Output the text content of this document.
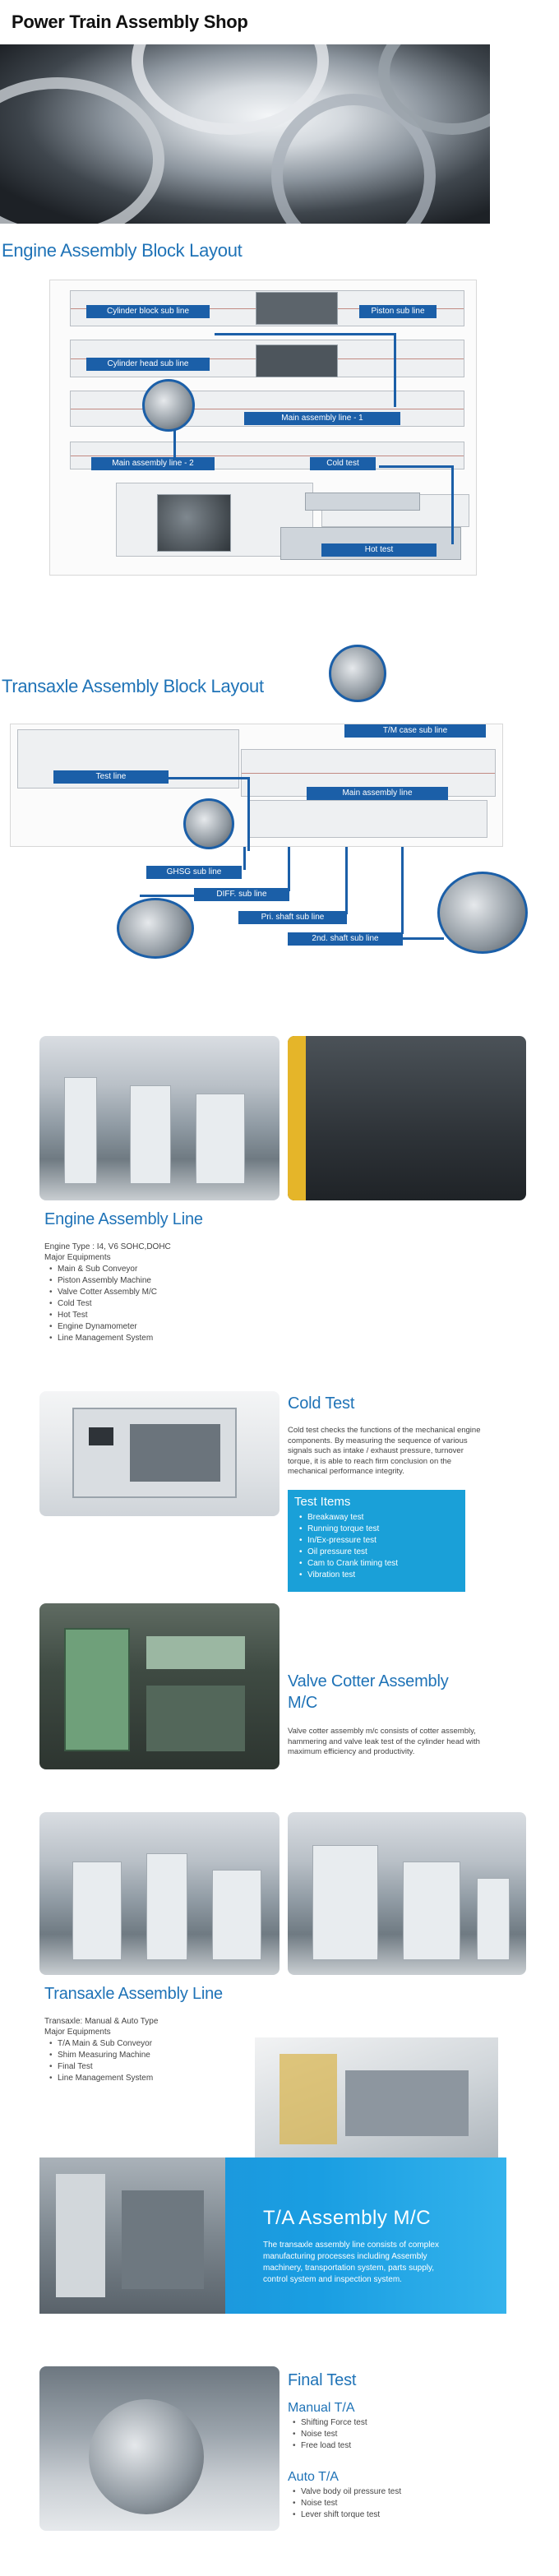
Power Train Assembly Shop
Engine Assembly Block Layout
Cylinder block sub line	Piston sub line
Cylinder head sub line
Main assembly line - 1
Main assembly line - 2	Cold test
Hot test
Transaxle Assembly Block Layout
T/M case sub line
Test line
Main assembly line
GHSG sub line
DIFF. sub line
Pri. shaft sub line
2nd. shaft sub line
Engine Assembly Line
Engine Type : I4, V6 SOHC,DOHC
Major Equipments
• Main & Sub Conveyor
• Piston Assembly Machine
• Valve Cotter Assembly M/C
• Cold Test
• Hot Test
• Engine Dynamometer
• Line Management System
Cold Test
Cold test checks the functions of the mechanical engine components. By measuring the sequence of various signals such as intake / exhaust pressure, turnover torque, it is able to reach firm conclusion on the mechanical performance integrity.
Test Items
• Breakaway test
• Running torque test
• In/Ex-pressure test
• Oil pressure test
• Cam to Crank timing test
• Vibration test
Valve Cotter Assembly
M/C
Valve cotter assembly m/c consists of cotter assembly, hammering and valve leak test of the cylinder head with maximum efficiency and productivity.
Transaxle Assembly Line
Transaxle: Manual & Auto Type
Major Equipments
• T/A Main & Sub Conveyor
• Shim Measuring Machine
• Final Test
• Line Management System
T/A Assembly M/C
The transaxle assembly line consists of complex manufacturing processes including Assembly machinery, transportation system, parts supply, control system and inspection system.
Final Test
Manual T/A
• Shifting Force test
• Noise test
• Free load test
Auto T/A
• Valve body oil pressure test
• Noise test
• Lever shift torque test
